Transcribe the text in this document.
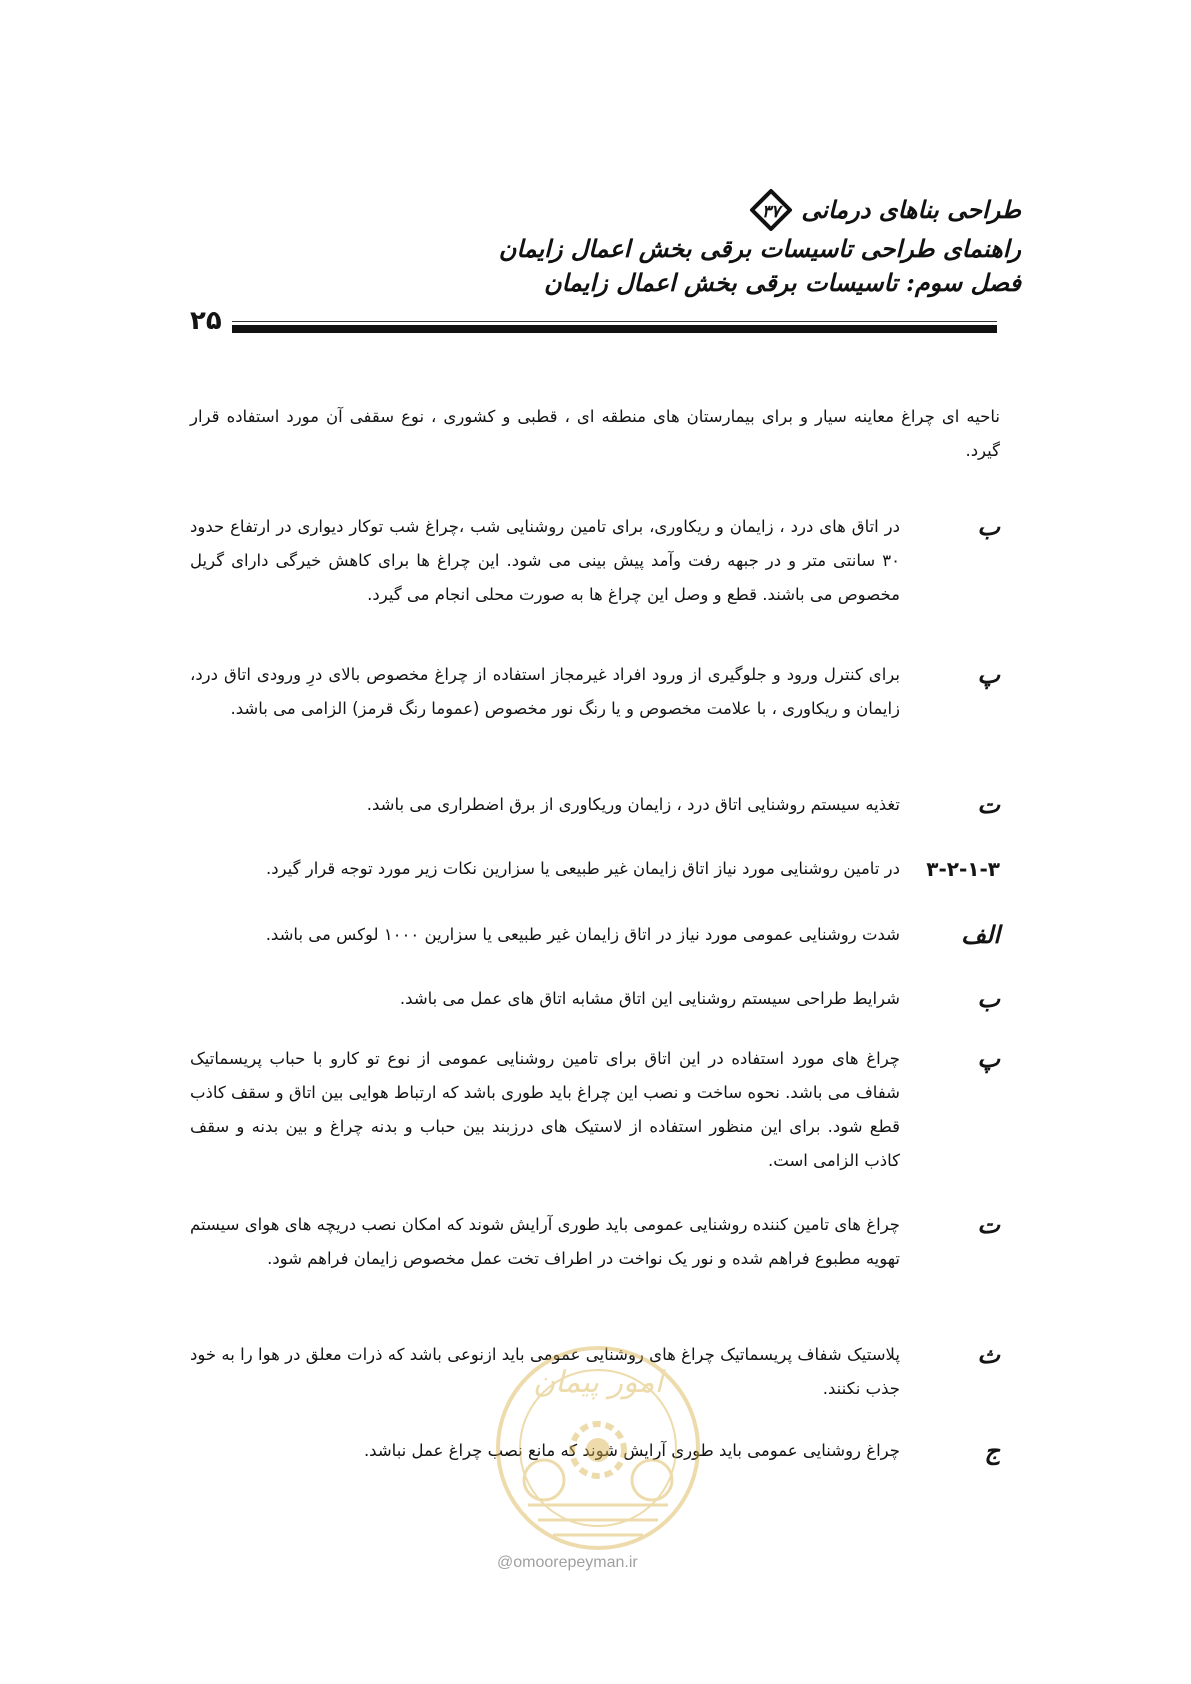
طراحی بناهای درمانی
۳۷
راهنمای طراحی تاسیسات برقی بخش اعمال زایمان
فصل سوم: تاسیسات برقی بخش اعمال زایمان
۲۵
ناحیه ای چراغ معاینه سیار و برای بیمارستان های منطقه ای ، قطبی و کشوری ، نوع سقفی آن مورد استفاده قرار گیرد.
ب
در اتاق های درد ، زایمان و ریکاوری، برای تامین روشنایی شب ،چراغ شب توکار دیواری در ارتفاع حدود ۳۰ سانتی متر و در جبهه رفت وآمد پیش بینی می شود. این چراغ ها برای کاهش خیرگی دارای گریل مخصوص می باشند. قطع و وصل این چراغ ها به صورت محلی انجام می گیرد.
پ
برای کنترل ورود و جلوگیری از ورود افراد غیرمجاز استفاده از چراغ مخصوص بالای درِ ورودی اتاق درد، زایمان و ریکاوری ، با علامت مخصوص و یا رنگ نور مخصوص (عموما رنگ قرمز) الزامی می باشد.
ت
تغذیه سیستم روشنایی اتاق درد ، زایمان وریکاوری از برق اضطراری می باشد.
۳-۲-۱-۳
در تامین روشنایی مورد نیاز اتاق زایمان غیر طبیعی یا سزارین نکات زیر مورد توجه قرار گیرد.
الف
شدت روشنایی عمومی مورد نیاز در اتاق زایمان غیر طبیعی یا سزارین ۱۰۰۰ لوکس می باشد.
ب
شرایط طراحی سیستم روشنایی این اتاق مشابه اتاق های عمل می باشد.
پ
چراغ های مورد استفاده در این اتاق برای تامین روشنایی عمومی از نوع تو کارو با حباب پریسماتیک شفاف می باشد. نحوه ساخت و نصب این چراغ باید طوری باشد که ارتباط هوایی بین اتاق و سقف کاذب قطع شود. برای این منظور استفاده از لاستیک های درزبند بین حباب و بدنه چراغ و بین بدنه و سقف کاذب الزامی است.
ت
چراغ های تامین کننده روشنایی عمومی باید طوری آرایش شوند که امکان نصب دریچه های هوای سیستم تهویه مطبوع فراهم شده و نور یک نواخت در اطراف تخت عمل مخصوص زایمان فراهم شود.
ث
پلاستیک شفاف پریسماتیک چراغ های روشنایی عمومی باید ازنوعی باشد که ذرات معلق در هوا را به خود جذب نکنند.
ج
چراغ روشنایی عمومی باید طوری آرایش شوند که مانع نصب چراغ عمل نباشد.
امور پیمان
@omoorepeyman.ir
